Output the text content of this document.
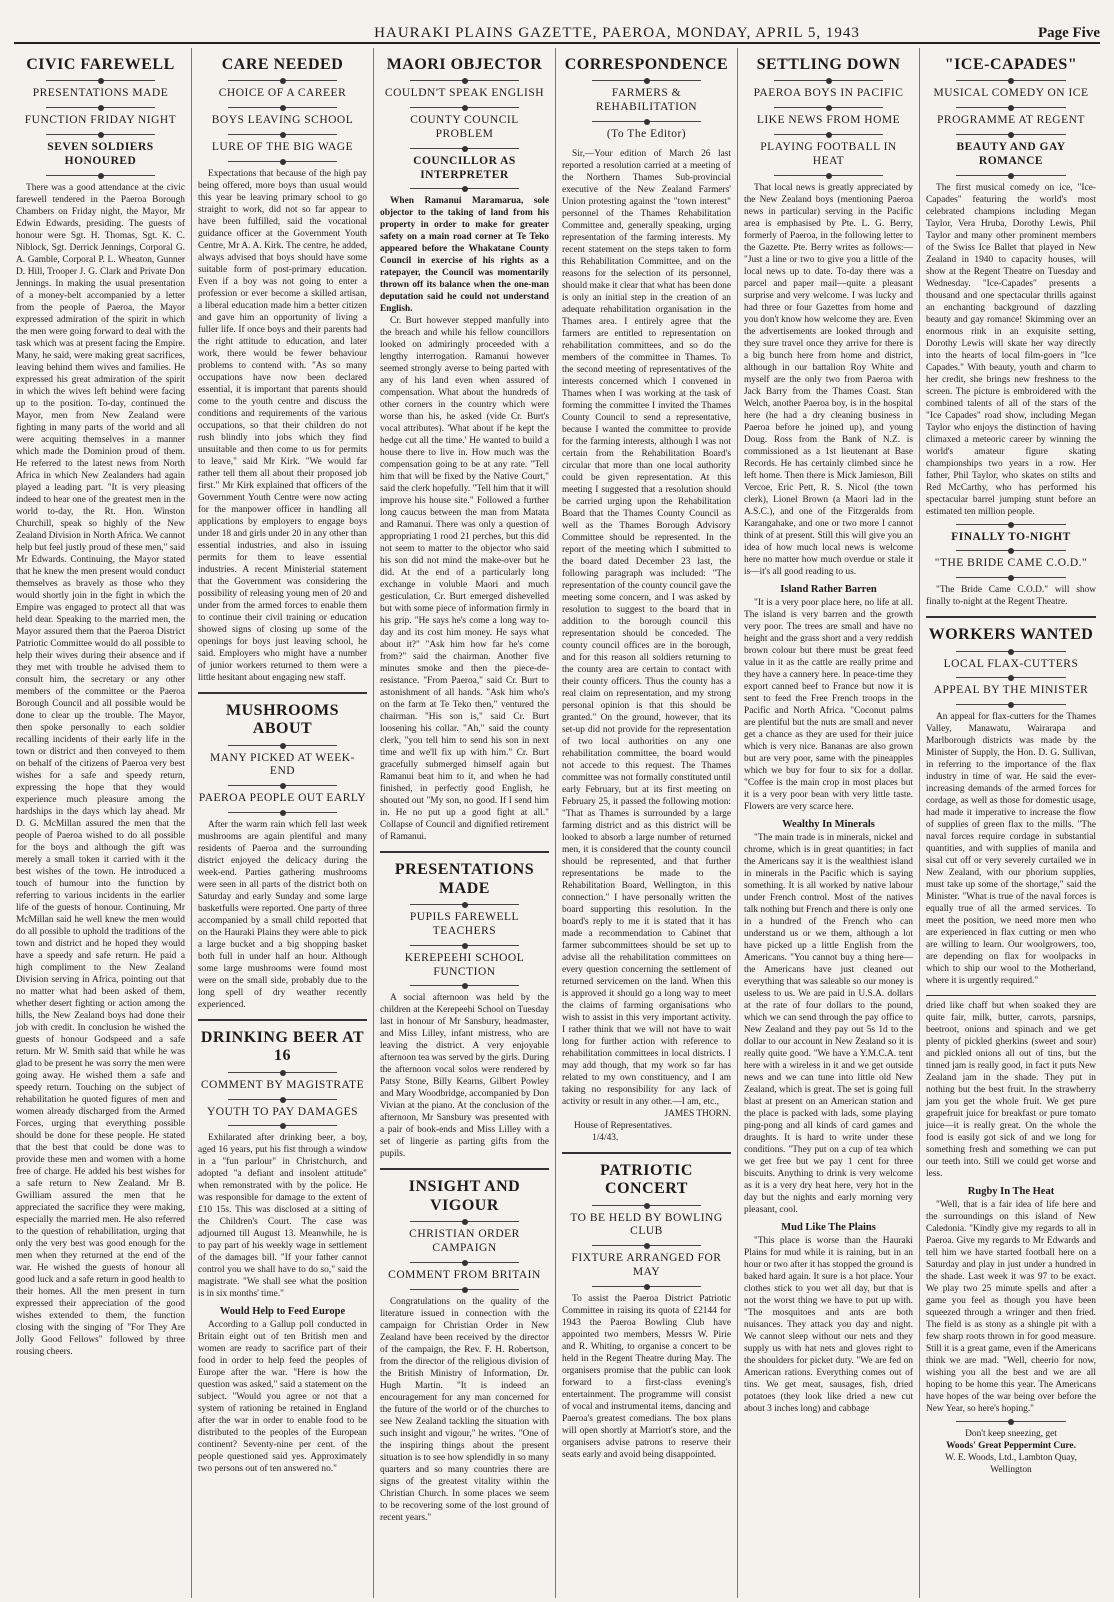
HAURAKI PLAINS GAZETTE, PAEROA, MONDAY, APRIL 5, 1943	Page Five
CIVIC FAREWELL
PRESENTATIONS MADE
FUNCTION FRIDAY NIGHT
SEVEN SOLDIERS HONOURED

There was a good attendance at the civic farewell tendered in the Paeroa Borough Chambers on Friday night, the Mayor, Mr Edwin Edwards, presiding. The guests of honour were Sgt. H. Thomas, Sgt. K. C. Niblock, Sgt. Derrick Jennings, Corporal G. A. Gamble, Corporal P. L. Wheaton, Gunner D. Hill, Trooper J. G. Clark and Private Don Jennings. In making the usual presentation of a money-belt accompanied by a letter from the people of Paeroa, the Mayor expressed admiration of the spirit in which the men were going forward to deal with the task which was at present facing the Empire. Many, he said, were making great sacrifices, leaving behind them wives and families. He expressed his great admiration of the spirit in which the wives left behind were facing up to the position. To-day, continued the Mayor, men from New Zealand were fighting in many parts of the world and all were acquiting themselves in a manner which made the Dominion proud of them. He referred to the latest news from North Africa in which New Zealanders had again played a leading part. "It is very pleasing indeed to hear one of the greatest men in the world to-day, the Rt. Hon. Winston Churchill, speak so highly of the New Zealand Division in North Africa. We cannot help but feel justly proud of these men," said Mr Edwards. Continuing, the Mayor stated that he knew the men present would conduct themselves as bravely as those who they would shortly join in the fight in which the Empire was engaged to protect all that was held dear. Speaking to the married men, the Mayor assured them that the Paeroa District Patriotic Committee would do all possible to help their wives during their absence and if they met with trouble he advised them to consult him, the secretary or any other members of the committee or the Paeroa Borough Council and all possible would be done to clear up the trouble. The Mayor, then spoke personally to each soldier recalling incidents of their early life in the town or district and then conveyed to them on behalf of the citizens of Paeroa very best wishes for a safe and speedy return, expressing the hope that they would experience much pleasure among the hardships in the days which lay ahead. Mr D. G. McMillan assured the men that the people of Paeroa wished to do all possible for the boys and although the gift was merely a small token it carried with it the best wishes of the town. He introduced a touch of humour into the function by referring to various incidents in the earlier life of the guests of honour. Continuing, Mr McMillan said he well knew the men would do all possible to uphold the traditions of the town and district and he hoped they would have a speedy and safe return. He paid a high compliment to the New Zealand Division serving in Africa, pointing out that no matter what had been asked of them, whether desert fighting or action among the hills, the New Zealand boys had done their job with credit. In conclusion he wished the guests of honour Godspeed and a safe return. Mr W. Smith said that while he was glad to be present he was sorry the men were going away. He wished them a safe and speedy return. Touching on the subject of rehabilitation he quoted figures of men and women already discharged from the Armed Forces, urging that everything possible should be done for these people. He stated that the best that could be done was to provide these men and women with a home free of charge. He added his best wishes for a safe return to New Zealand. Mr B. Gwilliam assured the men that he appreciated the sacrifice they were making, especially the married men. He also referred to the question of rehabilitation, urging that only the very best was good enough for the men when they returned at the end of the war. He wished the guests of honour all good luck and a safe return in good health to their homes. All the men present in turn expressed their appreciation of the good wishes extended to them, the function closing with the singing of "For They Are Jolly Good Fellows" followed by three rousing cheers.

CARE NEEDED
CHOICE OF A CAREER
BOYS LEAVING SCHOOL
LURE OF THE BIG WAGE

Expectations that because of the high pay being offered, more boys than usual would this year be leaving primary school to go straight to work, did not so far appear to have been fulfilled, said the vocational guidance officer at the Government Youth Centre, Mr A. A. Kirk. The centre, he added, always advised that boys should have some suitable form of post-primary education. Even if a boy was not going to enter a profession or ever become a skilled artisan, a liberal education made him a better citizen and gave him an opportunity of living a fuller life. If once boys and their parents had the right attitude to education, and later work, there would be fewer behaviour problems to contend with. "As so many occupations have now been declared essential, it is important that parents should come to the youth centre and discuss the conditions and requirements of the various occupations, so that their children do not rush blindly into jobs which they find unsuitable and then come to us for permits to leave," said Mr Kirk. "We would far rather tell them all about their proposed job first." Mr Kirk explained that officers of the Government Youth Centre were now acting for the manpower officer in handling all applications by employers to engage boys under 18 and girls under 20 in any other than essential industries, and also in issuing permits for them to leave essential industries. A recent Ministerial statement that the Government was considering the possibility of releasing young men of 20 and under from the armed forces to enable them to continue their civil training or education showed signs of closing up some of the openings for boys just leaving school, he said. Employers who might have a number of junior workers returned to them were a little hesitant about engaging new staff.

MUSHROOMS ABOUT
MANY PICKED AT WEEK-END
PAEROA PEOPLE OUT EARLY

After the warm rain which fell last week mushrooms are again plentiful and many residents of Paeroa and the surrounding district enjoyed the delicacy during the week-end. Parties gathering mushrooms were seen in all parts of the district both on Saturday and early Sunday and some large basketfulls were reported. One party of three accompanied by a small child reported that on the Hauraki Plains they were able to pick a large bucket and a big shopping basket both full in under half an hour. Although some large mushrooms were found most were on the small side, probably due to the long spell of dry weather recently experienced.

DRINKING BEER AT 16
COMMENT BY MAGISTRATE
YOUTH TO PAY DAMAGES

Exhilarated after drinking beer, a boy, aged 16 years, put his fist through a window in a "fun parlour" in Christchurch, and adopted "a defiant and insolent attitude" when remonstrated with by the police. He was responsible for damage to the extent of £10 15s. This was disclosed at a sitting of the Children's Court. The case was adjourned till August 13. Meanwhile, he is to pay part of his weekly wage in settlement of the damages bill. "If your father cannot control you we shall have to do so," said the magistrate. "We shall see what the position is in six months' time."

Would Help to Feed Europe

According to a Gallup poll conducted in Britain eight out of ten British men and women are ready to sacrifice part of their food in order to help feed the peoples of Europe after the war. "Here is how the question was asked," said a statement on the subject. "Would you agree or not that a system of rationing be retained in England after the war in order to enable food to be distributed to the peoples of the European continent? Seventy-nine per cent. of the people questioned said yes. Approximately two persons out of ten answered no."

MAORI OBJECTOR
COULDN'T SPEAK ENGLISH
COUNTY COUNCIL PROBLEM
COUNCILLOR AS INTERPRETER

When Ramanui Maramarua, sole objector to the taking of land from his property in order to make for greater safety on a main road corner at Te Teko appeared before the Whakatane County Council in exercise of his rights as a ratepayer, the Council was momentarily thrown off its balance when the one-man deputation said he could not understand English.

Cr. Burt however stepped manfully into the breach and while his fellow councillors looked on admiringly proceeded with a lengthy interrogation. Ramanui however seemed strongly averse to being parted with any of his land even when assured of compensation. What about the hundreds of other corners in the country which were worse than his, he asked (vide Cr. Burt's vocal attributes). 'What about if he kept the hedge cut all the time.' He wanted to build a house there to live in. How much was the compensation going to be at any rate. "Tell him that will be fixed by the Native Court," said the clerk hopefully. "Tell him that it will improve his house site." Followed a further long caucus between the man from Matata and Ramanui. There was only a question of appropriating 1 rood 21 perches, but this did not seem to matter to the objector who said his son did not mind the make-over but he did. At the end of a particularly long exchange in voluble Maori and much gesticulation, Cr. Burt emerged dishevelled but with some piece of information firmly in his grip. "He says he's come a long way to-day and its cost him money. He says what about it?" "Ask him how far he's come from?" said the chairman. Another five minutes smoke and then the piece-de-resistance. "From Paeroa," said Cr. Burt to astonishment of all hands. "Ask him who's on the farm at Te Teko then," ventured the chairman. "His son is," said Cr. Burt loosening his collar. "Ah," said the county clerk, "you tell him to send his son in next time and we'll fix up with him." Cr. Burt gracefully submerged himself again but Ramanui beat him to it, and when he had finished, in perfectly good English, he shouted out "My son, no good. If I send him in. He no put up a good fight at all." Collapse of Council and dignified retirement of Ramanui.

PRESENTATIONS MADE
PUPILS FAREWELL TEACHERS
KEREPEEHI SCHOOL FUNCTION

A social afternoon was held by the children at the Kerepeehi School on Tuesday last in honour of Mr Sansbury, headmaster, and Miss Lilley, infant mistress, who are leaving the district. A very enjoyable afternoon tea was served by the girls. During the afternoon vocal solos were rendered by Patsy Stone, Billy Kearns, Gilbert Powley and Mary Woodbridge, accompanied by Don Vivian at the piano. At the conclusion of the afternoon, Mr Sansbury was presented with a pair of book-ends and Miss Lilley with a set of lingerie as parting gifts from the pupils.

INSIGHT AND VIGOUR
CHRISTIAN ORDER CAMPAIGN
COMMENT FROM BRITAIN

Congratulations on the quality of the literature issued in connection with the campaign for Christian Order in New Zealand have been received by the director of the campaign, the Rev. F. H. Robertson, from the director of the religious division of the British Ministry of Information, Dr. Hugh Martin. "It is indeed an encouragement for any man concerned for the future of the world or of the churches to see New Zealand tackling the situation with such insight and vigour," he writes. "One of the inspiring things about the present situation is to see how splendidly in so many quarters and so many countries there are signs of the greatest vitality within the Christian Church. In some places we seem to be recovering some of the lost ground of recent years."

CORRESPONDENCE
FARMERS & REHABILITATION
(To The Editor)

Sir,—Your edition of March 26 last reported a resolution carried at a meeting of the Northern Thames Sub-provincial executive of the New Zealand Farmers' Union protesting against the "town interest" personnel of the Thames Rehabilitation Committee and, generally speaking, urging representation of the farming interests. My recent statement on the steps taken to form this Rehabilitation Committee, and on the reasons for the selection of its personnel, should make it clear that what has been done is only an initial step in the creation of an adequate rehabilitation organisation in the Thames area. I entirely agree that the farmers are entitled to representation on rehabilitation committees, and so do the members of the committee in Thames. To the second meeting of representatives of the interests concerned which I convened in Thames when I was working at the task of forming the committee I invited the Thames County Council to send a representative, because I wanted the committee to provide for the farming interests, although I was not certain from the Rehabilitation Board's circular that more than one local authority could be given representation. At this meeting I suggested that a resolution should be carried urging upon the Rehabilitation Board that the Thames County Council as well as the Thames Borough Advisory Committee should be represented. In the report of the meeting which I submitted to the board dated December 23 last, the following paragraph was included: "The representation of the county council gave the meeting some concern, and I was asked by resolution to suggest to the board that in addition to the borough council this representation should be conceded. The county council offices are in the borough, and for this reason all soldiers returning to the county area are certain to contact with their county officers. Thus the county has a real claim on representation, and my strong personal opinion is that this should be granted." On the ground, however, that its set-up did not provide for the representation of two local authorities on any one rehabilitation committee, the board would not accede to this request. The Thames committee was not formally constituted until early February, but at its first meeting on February 25, it passed the following motion: "That as Thames is surrounded by a large farming district and as this district will be looked to absorb a large number of returned men, it is considered that the county council should be represented, and that further representations be made to the Rehabilitation Board, Wellington, in this connection." I have personally written the board supporting this resolution. In the board's reply to me it is stated that it has made a recommendation to Cabinet that farmer subcommittees should be set up to advise all the rehabilitation committees on every question concerning the settlement of returned servicemen on the land. When this is approved it should go a long way to meet the claims of farming organisations who wish to assist in this very important activity. I rather think that we will not have to wait long for further action with reference to rehabilitation committees in local districts. I may add though, that my work so far has related to my own constituency, and I am taking no responsibility for any lack of activity or result in any other.—I am, etc.,

JAMES THORN.
House of Representatives.
1/4/43.
PATRIOTIC CONCERT
TO BE HELD BY BOWLING CLUB
FIXTURE ARRANGED FOR MAY

To assist the Paeroa District Patriotic Committee in raising its quota of £2144 for 1943 the Paeroa Bowling Club have appointed two members, Messrs W. Pirie and R. Whiting, to organise a concert to be held in the Regent Theatre during May. The organisers promise that the public can look forward to a first-class evening's entertainment. The programme will consist of vocal and instrumental items, dancing and Paeroa's greatest comedians. The box plans will open shortly at Marriott's store, and the organisers advise patrons to reserve their seats early and avoid being disappointed.

SETTLING DOWN
PAEROA BOYS IN PACIFIC
LIKE NEWS FROM HOME
PLAYING FOOTBALL IN HEAT

That local news is greatly appreciated by the New Zealand boys (mentioning Paeroa news in particular) serving in the Pacific area is emphasised by Pte. L. G. Berry, formerly of Paeroa, in the following letter to the Gazette. Pte. Berry writes as follows:— "Just a line or two to give you a little of the local news up to date. To-day there was a parcel and paper mail—quite a pleasant surprise and very welcome. I was lucky and had three or four Gazettes from home and you don't know how welcome they are. Even the advertisements are looked through and they sure travel once they arrive for there is a big bunch here from home and district, although in our battalion Roy White and myself are the only two from Paeroa with Jack Barry from the Thames Coast. Stan Welch, another Paeroa boy, is in the hospital here (he had a dry cleaning business in Paeroa before he joined up), and young Doug. Ross from the Bank of N.Z. is commissioned as a 1st lieutenant at Base Records. He has certainly climbed since he left home. Then there is Mick Jamieson, Bill Vercoe, Eric Pett, R. S. Nicol (the town clerk), Lionel Brown (a Maori lad in the A.S.C.), and one of the Fitzgeralds from Karangahake, and one or two more I cannot think of at present. Still this will give you an idea of how much local news is welcome here no matter how much overdue or stale it is—it's all good reading to us.

Island Rather Barren

"It is a very poor place here, no life at all. The island is very barren and the growth very poor. The trees are small and have no height and the grass short and a very reddish brown colour but there must be great feed value in it as the cattle are really prime and they have a cannery here. In peace-time they export canned beef to France but now it is sent to feed the Free French troops in the Pacific and North Africa. "Coconut palms are plentiful but the nuts are small and never get a chance as they are used for their juice which is very nice. Bananas are also grown but are very poor, same with the pineapples which we buy for four to six for a dollar. "Coffee is the main crop in most places but it is a very poor bean with very little taste. Flowers are very scarce here.

Wealthy In Minerals

"The main trade is in minerals, nickel and chrome, which is in great quantities; in fact the Americans say it is the wealthiest island in minerals in the Pacific which is saying something. It is all worked by native labour under French control. Most of the natives talk nothing but French and there is only one in a hundred of the French who can understand us or we them, although a lot have picked up a little English from the Americans. "You cannot buy a thing here—the Americans have just cleaned out everything that was saleable so our money is useless to us. We are paid in U.S.A. dollars at the rate of four dollars to the pound, which we can send through the pay office to New Zealand and they pay out 5s 1d to the dollar to our account in New Zealand so it is really quite good. "We have a Y.M.C.A. tent here with a wireless in it and we get outside news and we can tune into little old New Zealand, which is great. The set is going full blast at present on an American station and the place is packed with lads, some playing ping-pong and all kinds of card games and draughts. It is hard to write under these conditions. "They put on a cup of tea which we get free but we pay 1 cent for three biscuits. Anything to drink is very welcome as it is a very dry heat here, very hot in the day but the nights and early morning very pleasant, cool.

Mud Like The Plains

"This place is worse than the Hauraki Plains for mud while it is raining, but in an hour or two after it has stopped the ground is baked hard again. It sure is a hot place. Your clothes stick to you wet all day, but that is not the worst thing we have to put up with. "The mosquitoes and ants are both nuisances. They attack you day and night. We cannot sleep without our nets and they supply us with hat nets and gloves right to the shoulders for picket duty. "We are fed on American rations. Everything comes out of tins. We get meat, sausages, fish, dried potatoes (they look like dried a new cut about 3 inches long) and cabbage

"ICE-CAPADES"
MUSICAL COMEDY ON ICE
PROGRAMME AT REGENT
BEAUTY AND GAY ROMANCE

The first musical comedy on ice, "Ice-Capades" featuring the world's most celebrated champions including Megan Taylor, Vera Hruba, Dorothy Lewis, Phil Taylor and many other prominent members of the Swiss Ice Ballet that played in New Zealand in 1940 to capacity houses, will show at the Regent Theatre on Tuesday and Wednesday. "Ice-Capades" presents a thousand and one spectacular thrills against an enchanting background of dazzling beauty and gay romance! Skimming over an enormous rink in an exquisite setting, Dorothy Lewis will skate her way directly into the hearts of local film-goers in "Ice Capades." With beauty, youth and charm to her credit, she brings new freshness to the screen. The picture is embroidered with the combined talents of all of the stars of the "Ice Capades" road show, including Megan Taylor who enjoys the distinction of having climaxed a meteoric career by winning the world's amateur figure skating championships two years in a row. Her father, Phil Taylor, who skates on stilts and Red McCarthy, who has performed his spectacular barrel jumping stunt before an estimated ten million people.

FINALLY TO-NIGHT
"THE BRIDE CAME C.O.D."

"The Bride Came C.O.D." will show finally to-night at the Regent Theatre.

WORKERS WANTED
LOCAL FLAX-CUTTERS
APPEAL BY THE MINISTER

An appeal for flax-cutters for the Thames Valley, Manawatu, Wairarapa and Marlborough districts was made by the Minister of Supply, the Hon. D. G. Sullivan, in referring to the importance of the flax industry in time of war. He said the ever-increasing demands of the armed forces for cordage, as well as those for domestic usage, had made it imperative to increase the flow of supplies of green flax to the mills. "The naval forces require cordage in substantial quantities, and with supplies of manila and sisal cut off or very severely curtailed we in New Zealand, with our phorium supplies, must take up some of the shortage," said the Minister. "What is true of the naval forces is equally true of all the armed services. To meet the position, we need more men who are experienced in flax cutting or men who are willing to learn. Our woolgrowers, too, are depending on flax for woolpacks in which to ship our wool to the Motherland, where it is urgently required."

dried like chaff but when soaked they are quite fair, milk, butter, carrots, parsnips, beetroot, onions and spinach and we get plenty of pickled gherkins (sweet and sour) and pickled onions all out of tins, but the tinned jam is really good, in fact it puts New Zealand jam in the shade. They put in nothing but the best fruit. In the strawberry jam you get the whole fruit. We get pure grapefruit juice for breakfast or pure tomato juice—it is really great. On the whole the food is easily got sick of and we long for something fresh and something we can put our teeth into. Still we could get worse and less.

Rugby In The Heat

"Well, that is a fair idea of life here and the surroundings on this island of New Caledonia. "Kindly give my regards to all in Paeroa. Give my regards to Mr Edwards and tell him we have started football here on a Saturday and play in just under a hundred in the shade. Last week it was 97 to be exact. We play two 25 minute spells and after a game you feel as though you have been squeezed through a wringer and then fried. The field is as stony as a shingle pit with a few sharp roots thrown in for good measure. Still it is a great game, even if the Americans think we are mad. "Well, cheerio for now, wishing you all the best and we are all hoping to be home this year. The Americans have hopes of the war being over before the New Year, so here's hoping."

Don't keep sneezing, get
Woods' Great Peppermint Cure.
W. E. Woods, Ltd., Lambton Quay,
Wellington
